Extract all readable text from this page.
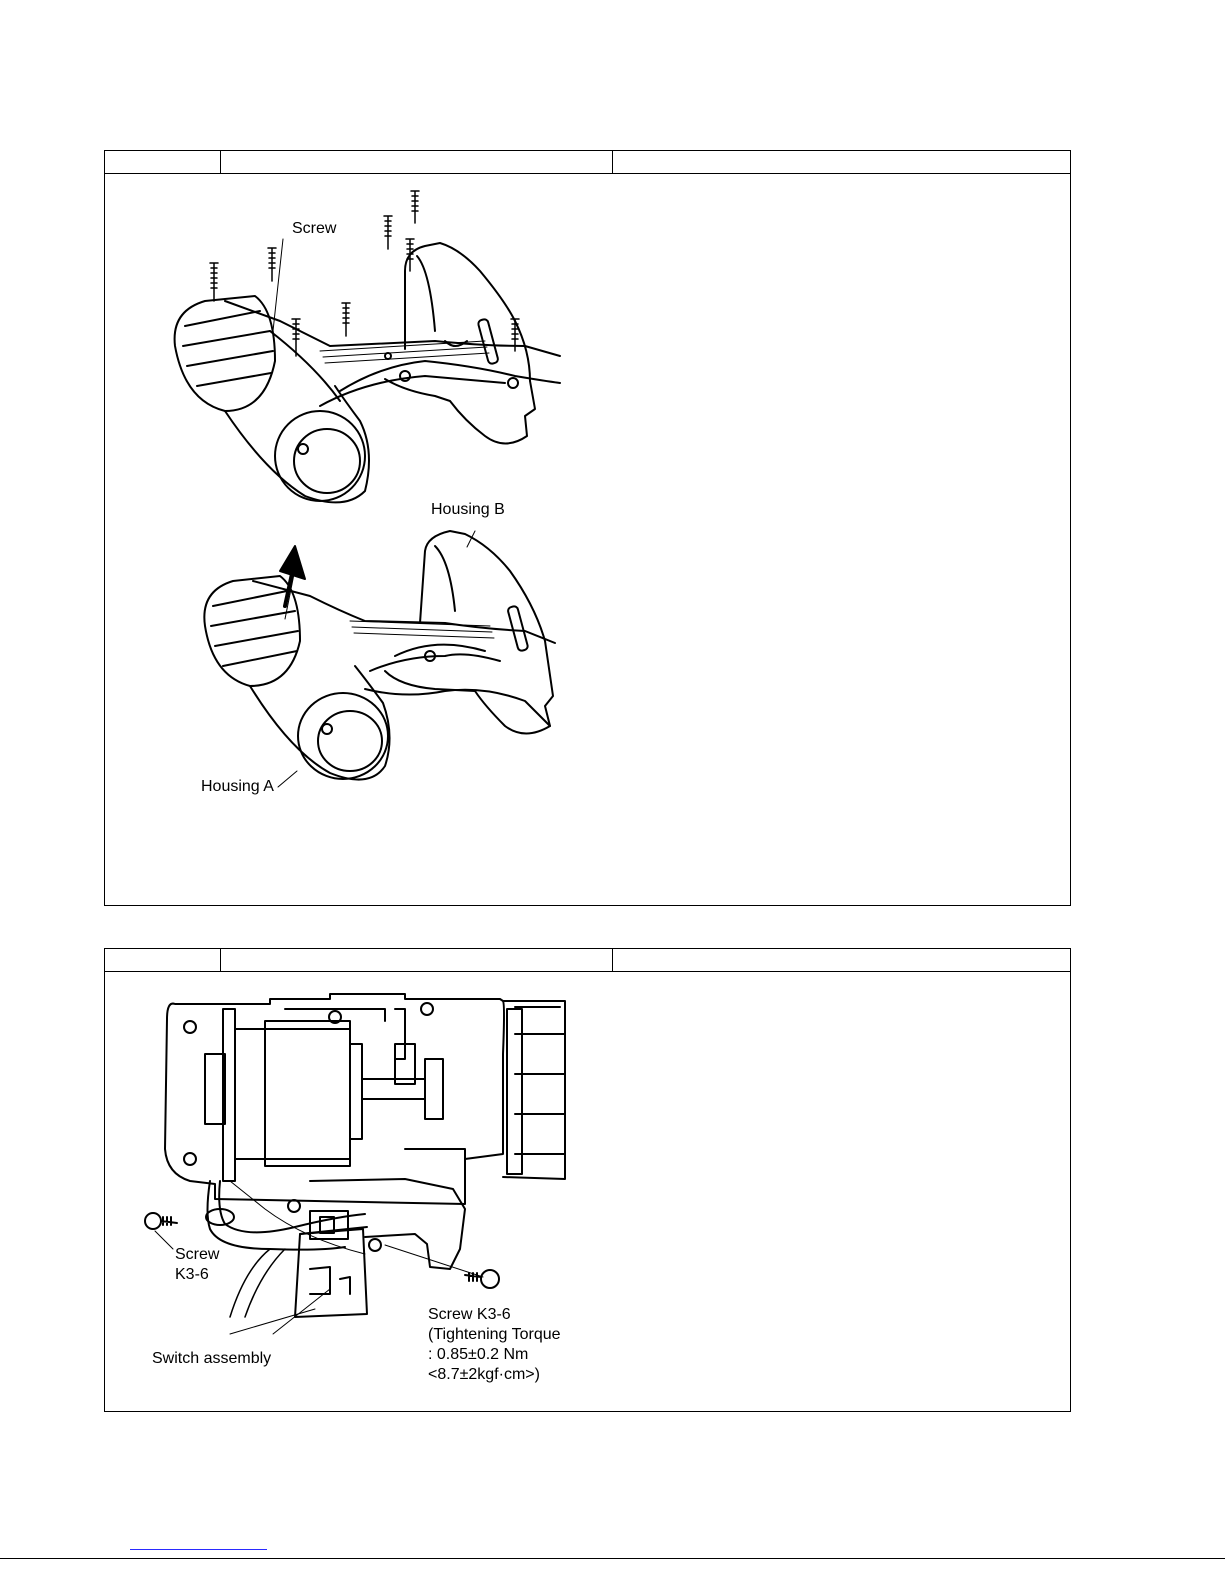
Screw
Housing B
Housing A
Screw
K3-6
Switch assembly
Screw K3-6
(Tightening Torque
: 0.85±0.2 Nm
<8.7±2kgf·cm>)
